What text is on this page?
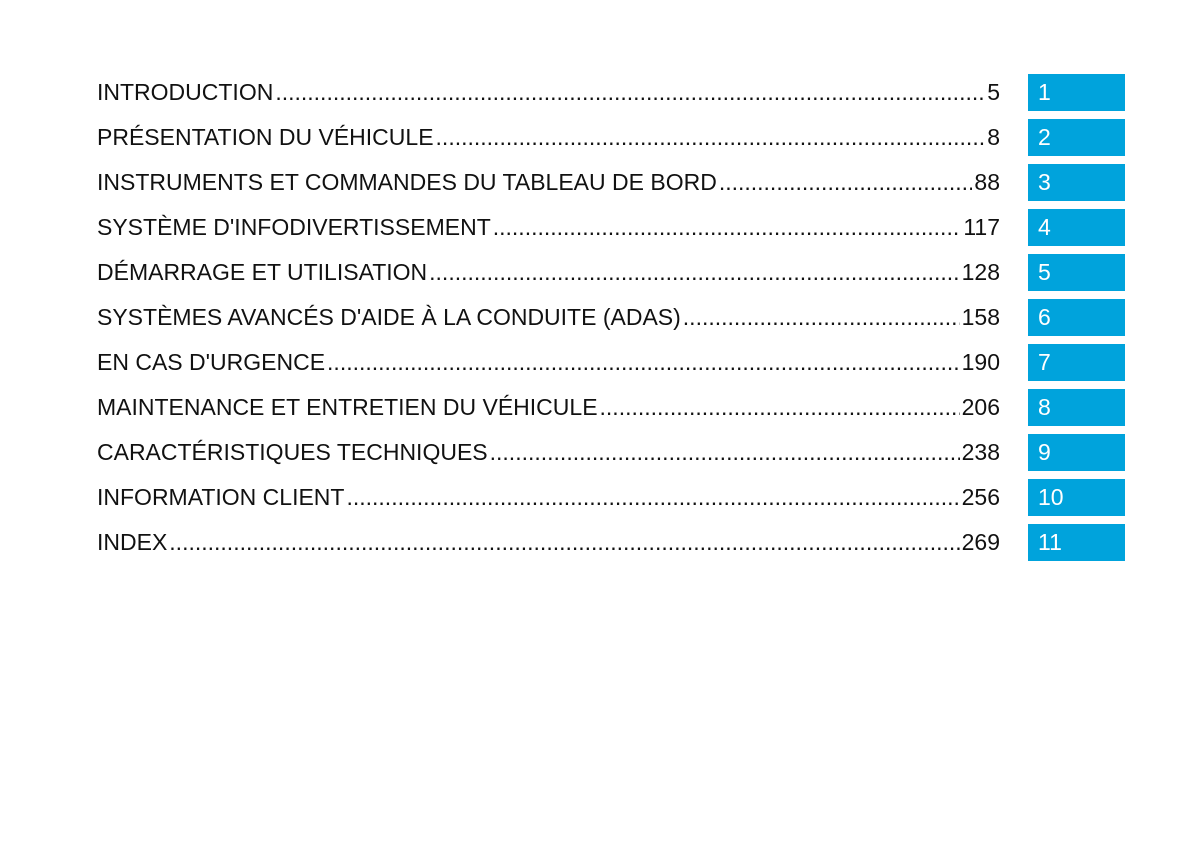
INTRODUCTION .....	5	1
PRÉSENTATION DU VÉHICULE .....	8	2
INSTRUMENTS ET COMMANDES DU TABLEAU DE BORD .....	88	3
SYSTÈME D'INFODIVERTISSEMENT .....	117	4
DÉMARRAGE ET UTILISATION .....	128	5
SYSTÈMES AVANCÉS D'AIDE À LA CONDUITE (ADAS) .....	158	6
EN CAS D'URGENCE .....	190	7
MAINTENANCE ET ENTRETIEN DU VÉHICULE .....	206	8
CARACTÉRISTIQUES TECHNIQUES .....	238	9
INFORMATION CLIENT .....	256	10
INDEX .....	269	11
